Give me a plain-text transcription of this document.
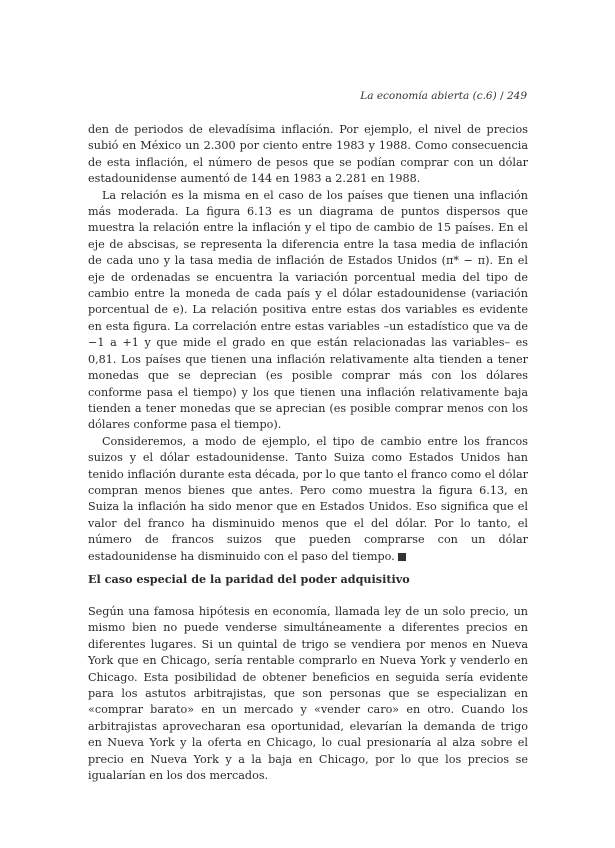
La economía abierta (c.6) / 249

den de periodos de elevadísima inflación. Por ejemplo, el nivel de precios subió en México un 2.300 por ciento entre 1983 y 1988. Como consecuencia de esta inflación, el número de pesos que se podían comprar con un dólar estadounidense aumentó de 144 en 1983 a 2.281 en 1988.

La relación es la misma en el caso de los países que tienen una inflación más moderada. La figura 6.13 es un diagrama de puntos dispersos que muestra la relación entre la inflación y el tipo de cambio de 15 países. En el eje de abscisas, se representa la diferencia entre la tasa media de inflación de cada uno y la tasa media de inflación de Estados Unidos (π* − π). En el eje de ordenadas se encuentra la variación porcentual media del tipo de cambio entre la moneda de cada país y el dólar estadounidense (variación porcentual de e). La relación positiva entre estas dos variables es evidente en esta figura. La correlación entre estas variables –un estadístico que va de −1 a +1 y que mide el grado en que están relacionadas las variables– es 0,81. Los países que tienen una inflación relativamente alta tienden a tener monedas que se deprecian (es posible comprar más con los dólares conforme pasa el tiempo) y los que tienen una inflación relativamente baja tienden a tener monedas que se aprecian (es posible comprar menos con los dólares conforme pasa el tiempo).

Consideremos, a modo de ejemplo, el tipo de cambio entre los francos suizos y el dólar estadounidense. Tanto Suiza como Estados Unidos han tenido inflación durante esta década, por lo que tanto el franco como el dólar compran menos bienes que antes. Pero como muestra la figura 6.13, en Suiza la inflación ha sido menor que en Estados Unidos. Eso significa que el valor del franco ha disminuido menos que el del dólar. Por lo tanto, el número de francos suizos que pueden comprarse con un dólar estadounidense ha disminuido con el paso del tiempo.

El caso especial de la paridad del poder adquisitivo

Según una famosa hipótesis en economía, llamada ley de un solo precio, un mismo bien no puede venderse simultáneamente a diferentes precios en diferentes lugares. Si un quintal de trigo se vendiera por menos en Nueva York que en Chicago, sería rentable comprarlo en Nueva York y venderlo en Chicago. Esta posibilidad de obtener beneficios en seguida sería evidente para los astutos arbitrajistas, que son personas que se especializan en «comprar barato» en un mercado y «vender caro» en otro. Cuando los arbitrajistas aprovecharan esa oportunidad, elevarían la demanda de trigo en Nueva York y la oferta en Chicago, lo cual presionaría al alza sobre el precio en Nueva York y a la baja en Chicago, por lo que los precios se igualarían en los dos mercados.
